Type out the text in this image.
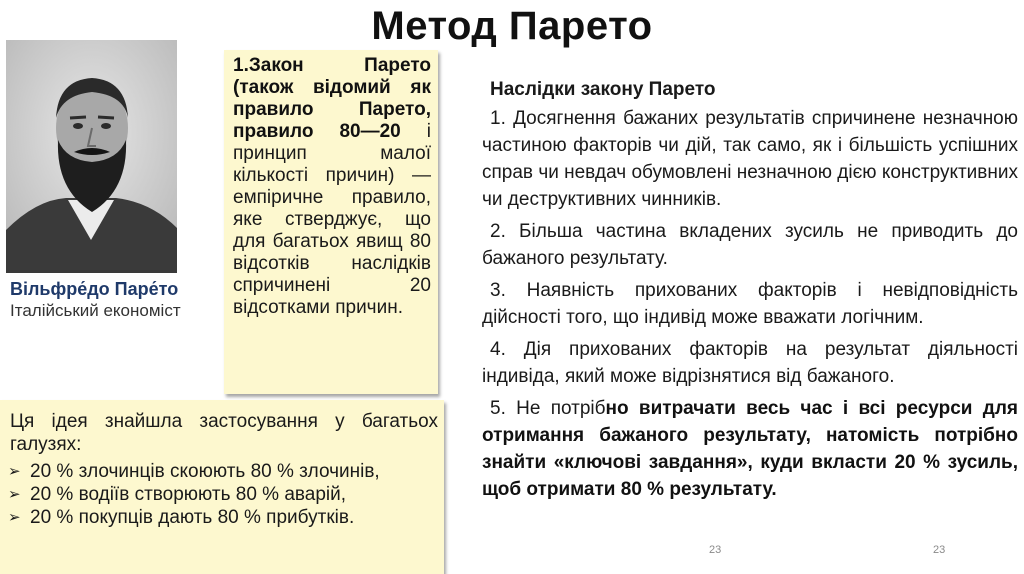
Метод Парето
Вільфре́до Паре́то
Італійський економіст
1.Закон Парето (також відомий як правило Парето, правило 80—20 і принцип малої кількості причин) — емпіричне правило, яке стверджує, що для багатьох явищ 80 відсотків наслідків спричинені 20 відсотками причин.
Ця ідея знайшла застосування у багатьох галузях:
➢ 20 % злочинців скоюють 80 % злочинів,
➢ 20 % водіїв створюють 80 % аварій,
➢ 20 % покупців дають 80 % прибутків.
Наслідки закону Парето

1. Досягнення бажаних результатів спричинене незначною частиною факторів чи дій, так само, як і більшість успішних справ чи невдач обумовлені незначною дією конструктивних чи деструктивних чинників.

2. Більша частина вкладених зусиль не приводить до бажаного результату.

3. Наявність прихованих факторів і невідповідність дійсності того, що індивід може вважати логічним.

4. Дія прихованих факторів на результат діяльності індивіда, який може відрізнятися від бажаного.

5. Не потрібно витрачати весь час і всі ресурси для отримання бажаного результату, натомість потрібно знайти «ключові завдання», куди вкласти 20 % зусиль, щоб отримати 80 % результату.

23	23
